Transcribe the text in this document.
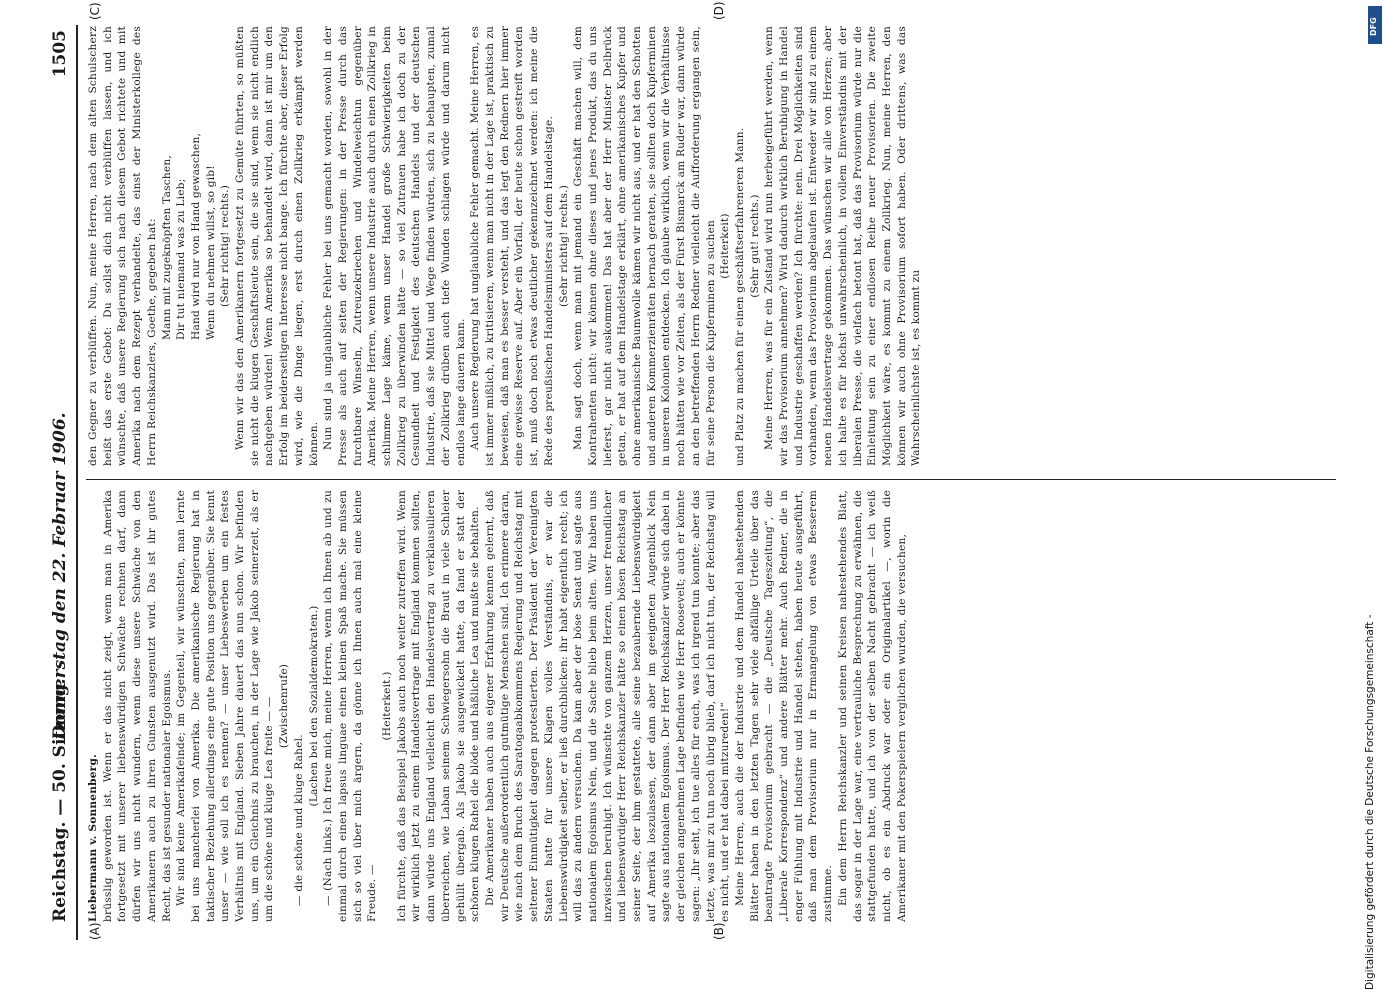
Reichstag. — 50. Sitzung.
Donnerstag den 22. Februar 1906.
1505
(A)	(B)
(C)	(D)

Liebermann v. Sonnenberg. brüsslig geworden ist. Wenn er das nicht zeigt, wenn man in Amerika fortgesetzt mit unserer liebenswürdigen Schwäche rechnen darf, dann dürfen wir uns nicht wundern, wenn diese unsere Schwäche von den Amerikanern auch zu ihren Gunsten ausgenutzt wird. Das ist ihr gutes Recht, das ist gesunder nationaler Egoismus. Wir sind keine Amerikafeinde; im Gegenteil, wir wünschten, man lernte bei uns mancherlei von Amerika. Die amerikanische Regierung hat in taktischer Beziehung allerdings eine gute Position uns gegenüber. Sie kennt unser — wie soll ich es nennen? — unser Liebeswerben um ein festes Verhältnis mit England. Sieben Jahre dauert das nun schon. Wir befinden uns, um ein Gleichnis zu brauchen, in der Lage wie Jakob seinerzeit, als er um die schöne und kluge Lea freite — — (Zwischenrufe)

— die schöne und kluge Rahel.

(Lachen bei den Sozialdemokraten.) — (Nach links.) Ich freue mich, meine Herren, wenn ich Ihnen ab und zu einmal durch einen lapsus linguae einen kleinen Spaß mache. Sie müssen sich so viel über mich ärgern, da gönne ich Ihnen auch mal eine kleine Freude. —

(Heiterkeit.) Ich fürchte, daß das Beispiel Jakobs auch noch weiter zutreffen wird. Wenn wir wirklich jetzt zu einem Handelsvertrage mit England kommen sollten, dann würde uns England vielleicht den Handelsvertrag zu verklausulieren überreichen, wie Laban seinem Schwiegersohn die Braut in viele Schleier gehüllt übergab. Als Jakob sie ausgewickelt hatte, da fand er statt der schönen klugen Rahel die blöde und häßliche Lea und mußte sie behalten. Die Amerikaner haben auch aus eigener Erfahrung kennen gelernt, daß wir Deutsche außerordentlich gutmütige Menschen sind. Ich erinnere daran, wie nach dem Bruch des Saratogaabkommens Regierung und Reichstag mit seltener Einmütigkeit dagegen protestierten. Der Präsident der Vereinigten Staaten hatte für unsere Klagen volles Verständnis, er war die Liebenswürdigkeit selber, er ließ durchblicken: ihr habt eigentlich recht; ich will das zu ändern versuchen. Da kam aber der böse Senat und sagte aus nationalem Egoismus Nein, und die Sache blieb beim alten. Wir haben uns inzwischen beruhigt. Ich wünschte von ganzem Herzen, unser freundlicher und liebenswürdiger Herr Reichskanzler hätte so einen bösen Reichstag an seiner Seite, der ihm gestattete, alle seine bezaubernde Liebenswürdigkeit auf Amerika loszulassen, der dann aber im geeigneten Augenblick Nein sagte aus nationalem Egoismus. Der Herr Reichskanzler würde sich dabei in der gleichen angenehmen Lage befinden wie Herr Roosevelt; auch er könnte sagen: „Ihr seht, ich tue alles für euch, was ich irgend tun konnte; aber das letzte, was mir zu tun noch übrig blieb, darf ich nicht tun, der Reichstag will es nicht, und er hat dabei mitzureden!“ Meine Herren, auch die der Industrie und dem Handel nahestehenden Blätter haben in den letzten Tagen sehr viele abfällige Urteile über das beantragte Provisorium gebracht — die „Deutsche Tageszeitung“, die „Liberale Korrespondenz“ und andere Blätter mehr. Auch Redner, die in enger Fühlung mit Industrie und Handel stehen, haben heute ausgeführt, daß man dem Provisorium nur in Ermangelung von etwas Besserem zustimme. Ein dem Herrn Reichskanzler und seinen Kreisen nahestehendes Blatt, das sogar in der Lage war, eine vertrauliche Besprechung zu erwähnen, die stattgefunden hatte, und ich von der selben Nacht gebracht — ich weiß nicht, ob es ein Abdruck war oder ein Originalartikel —, worin die Amerikaner mit den Pokerspielern verglichen wurden, die versuchen,

den Gegner zu verblüffen. Nun, meine Herren, nach dem alten Schulscherz heißt das erste Gebot: Du sollst dich nicht verblüffen lassen, und ich wünschte, daß unsere Regierung sich nach diesem Gebot richtete und mit Amerika nach dem Rezept verhandelte, das einst der Ministerkollege des Herrn Reichskanzlers, Goethe, gegeben hat: Mann mit zugeknöpften Taschen, Dir tut niemand was zu Lieb; Hand wird nur von Hand gewaschen, Wenn du nehmen willst, so gib! (Sehr richtig! rechts.) Wenn wir das den Amerikanern fortgesetzt zu Gemüte führten, so müßten sie nicht die klugen Geschäftsleute sein, die sie sind, wenn sie nicht endlich nachgeben würden! Wenn Amerika so behandelt wird, dann ist mir um den Erfolg im beiderseitigen Interesse nicht bange. Ich fürchte aber, dieser Erfolg wird, wie die Dinge liegen, erst durch einen Zollkrieg erkämpft werden können. Nun sind ja unglaubliche Fehler bei uns gemacht worden, sowohl in der Presse als auch auf seiten der Regierungen: in der Presse durch das furchtbare Winseln, Zutreuzekriechen und Windelweichtun gegenüber Amerika. Meine Herren, wenn unsere Industrie auch durch einen Zollkrieg in schlimme Lage käme, wenn unser Handel große Schwierigkeiten beim Zollkrieg zu überwinden hätte — so viel Zutrauen habe ich doch zu der Gesundheit und Festigkeit des deutschen Handels und der deutschen Industrie, daß sie Mittel und Wege finden würden, sich zu behaupten, zumal der Zollkrieg drüben auch tiefe Wunden schlagen würde und darum nicht endlos lange dauern kann. Auch unsere Regierung hat unglaubliche Fehler gemacht. Meine Herren, es ist immer mißlich, zu kritisieren, wenn man nicht in der Lage ist, praktisch zu beweisen, daß man es besser versteht, und das legt den Rednern hier immer eine gewisse Reserve auf. Aber ein Vorfall, der heute schon gestreift worden ist, muß doch noch etwas deutlicher gekennzeichnet werden: ich meine die Rede des preußischen Handelsministers auf dem Handelstage. (Sehr richtig! rechts.) Man sagt doch, wenn man mit jemand ein Geschäft machen will, dem Kontrahenten nicht: wir können ohne dieses und jenes Produkt, das du uns lieferst, gar nicht auskommen! Das hat aber der Herr Minister Delbrück getan, er hat auf dem Handelstage erklärt, ohne amerikanisches Kupfer und ohne amerikanische Baumwolle kämen wir nicht aus, und er hat den Schotten und anderen Kommerzienräten hernach geraten, sie sollten doch Kupferminen in unseren Kolonien entdecken. Ich glaube wirklich, wenn wir die Verhältnisse noch hätten wie vor Zeiten, als der Fürst Bismarck am Ruder war, dann würde an den betreffenden Herrn Redner vielleicht die Aufforderung ergangen sein, für seine Person die Kupferminen zu suchen (Heiterkeit) und Platz zu machen für einen geschäftserfahreneren Mann. (Sehr gut! rechts.) Meine Herren, was für ein Zustand wird nun herbeigeführt werden, wenn wir das Provisorium annehmen? Wird dadurch wirklich Beruhigung in Handel und Industrie geschaffen werden? Ich fürchte: nein. Drei Möglichkeiten sind vorhanden, wenn das Provisorium abgelaufen ist. Entweder wir sind zu einem neuen Handelsvertrage gekommen. Das wünschen wir alle von Herzen; aber ich halte es für höchst unwahrscheinlich, in vollem Einverständnis mit der liberalen Presse, die vielfach betont hat, daß das Provisorium würde nur die Einleitung sein zu einer endlosen Reihe neuer Provisorien. Die zweite Möglichkeit wäre, es kommt zu einem Zollkrieg. Nun, meine Herren, den können wir auch ohne Provisorium sofort haben. Oder drittens, was das Wahrscheinlichste ist, es kommt zu

Digitalisierung gefördert durch die Deutsche Forschungsgemeinschaft -
DFG
